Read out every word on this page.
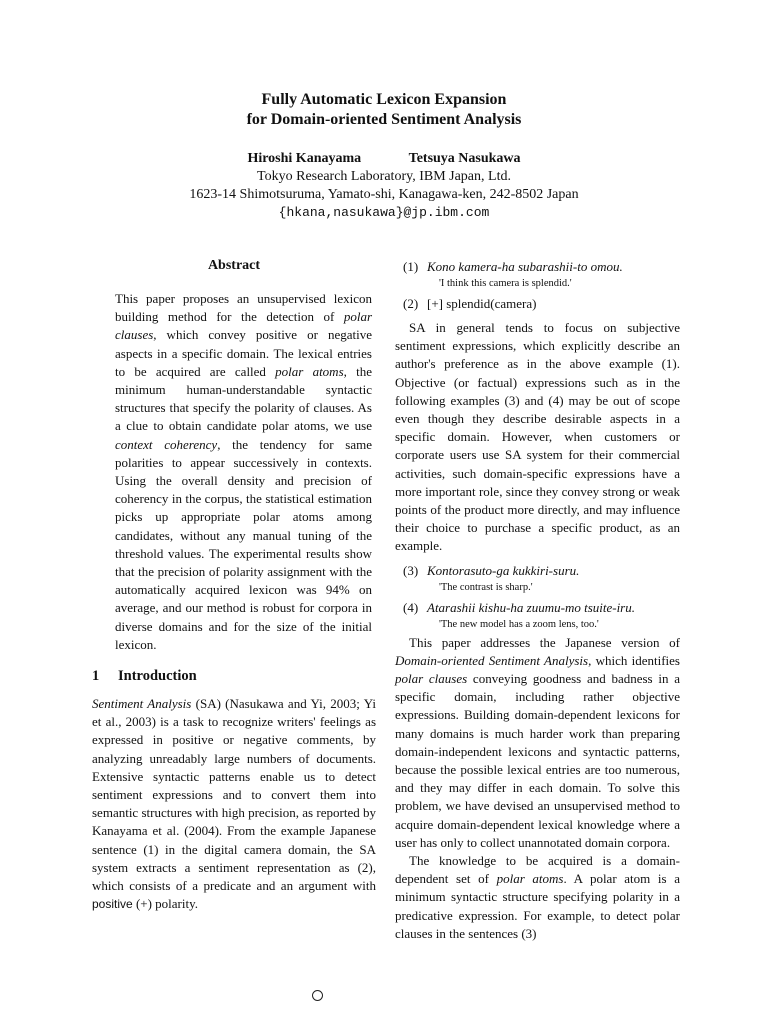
Fully Automatic Lexicon Expansion
for Domain-oriented Sentiment Analysis
Hiroshi Kanayama	Tetsuya Nasukawa
Tokyo Research Laboratory, IBM Japan, Ltd.
1623-14 Shimotsuruma, Yamato-shi, Kanagawa-ken, 242-8502 Japan
{hkana,nasukawa}@jp.ibm.com
Abstract
This paper proposes an unsupervised lexicon building method for the detection of polar clauses, which convey positive or negative aspects in a specific domain. The lexical entries to be acquired are called polar atoms, the minimum human-understandable syntactic structures that specify the polarity of clauses. As a clue to obtain candidate polar atoms, we use context coherency, the tendency for same polarities to appear successively in contexts. Using the overall density and precision of coherency in the corpus, the statistical estimation picks up appropriate polar atoms among candidates, without any manual tuning of the threshold values. The experimental results show that the precision of polarity assignment with the automatically acquired lexicon was 94% on average, and our method is robust for corpora in diverse domains and for the size of the initial lexicon.
1 Introduction

Sentiment Analysis (SA) (Nasukawa and Yi, 2003; Yi et al., 2003) is a task to recognize writers' feelings as expressed in positive or negative comments, by analyzing unreadably large numbers of documents. Extensive syntactic patterns enable us to detect sentiment expressions and to convert them into semantic structures with high precision, as reported by Kanayama et al. (2004). From the example Japanese sentence (1) in the digital camera domain, the SA system extracts a sentiment representation as (2), which consists of a predicate and an argument with positive (+) polarity.

(1) Kono kamera-ha subarashii-to omou.
'I think this camera is splendid.'
(2) [+] splendid(camera)

SA in general tends to focus on subjective sentiment expressions, which explicitly describe an author's preference as in the above example (1). Objective (or factual) expressions such as in the following examples (3) and (4) may be out of scope even though they describe desirable aspects in a specific domain. However, when customers or corporate users use SA system for their commercial activities, such domain-specific expressions have a more important role, since they convey strong or weak points of the product more directly, and may influence their choice to purchase a specific product, as an example.

(3) Kontorasuto-ga kukkiri-suru.
'The contrast is sharp.'
(4) Atarashii kishu-ha zuumu-mo tsuite-iru.
'The new model has a zoom lens, too.'

This paper addresses the Japanese version of Domain-oriented Sentiment Analysis, which identifies polar clauses conveying goodness and badness in a specific domain, including rather objective expressions. Building domain-dependent lexicons for many domains is much harder work than preparing domain-independent lexicons and syntactic patterns, because the possible lexical entries are too numerous, and they may differ in each domain. To solve this problem, we have devised an unsupervised method to acquire domain-dependent lexical knowledge where a user has only to collect unannotated domain corpora.

The knowledge to be acquired is a domain-dependent set of polar atoms. A polar atom is a minimum syntactic structure specifying polarity in a predicative expression. For example, to detect polar clauses in the sentences (3)
